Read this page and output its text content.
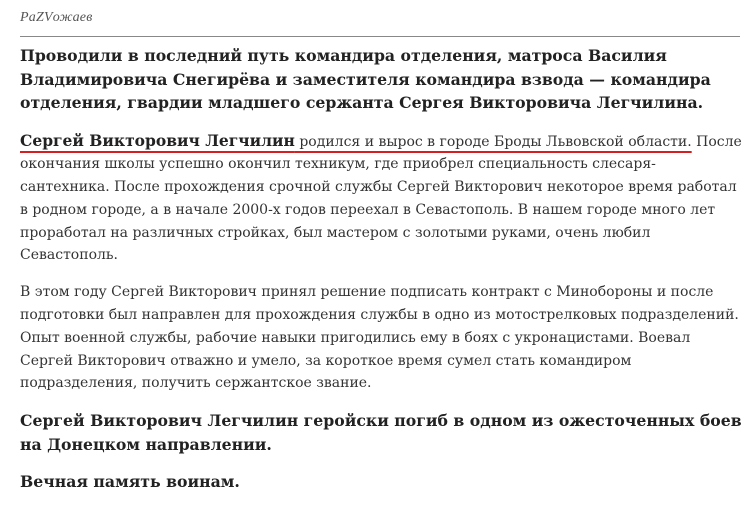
PaZVожаев

Проводили в последний путь командира отделения, матроса Василия Владимировича Снегирёва и заместителя командира взвода — командира отделения, гвардии младшего сержанта Сергея Викторовича Легчилина.

Сергей Викторович Легчилин родился и вырос в городе Броды Львовской области. После окончания школы успешно окончил техникум, где приобрел специальность слесаря-сантехника. После прохождения срочной службы Сергей Викторович некоторое время работал в родном городе, а в начале 2000-х годов переехал в Севастополь. В нашем городе много лет проработал на различных стройках, был мастером с золотыми руками, очень любил Севастополь.

В этом году Сергей Викторович принял решение подписать контракт с Минобороны и после подготовки был направлен для прохождения службы в одно из мотострелковых подразделений. Опыт военной службы, рабочие навыки пригодились ему в боях с укронацистами. Воевал Сергей Викторович отважно и умело, за короткое время сумел стать командиром подразделения, получить сержантское звание.

Сергей Викторович Легчилин геройски погиб в одном из ожесточенных боев на Донецком направлении.

Вечная память воинам.
